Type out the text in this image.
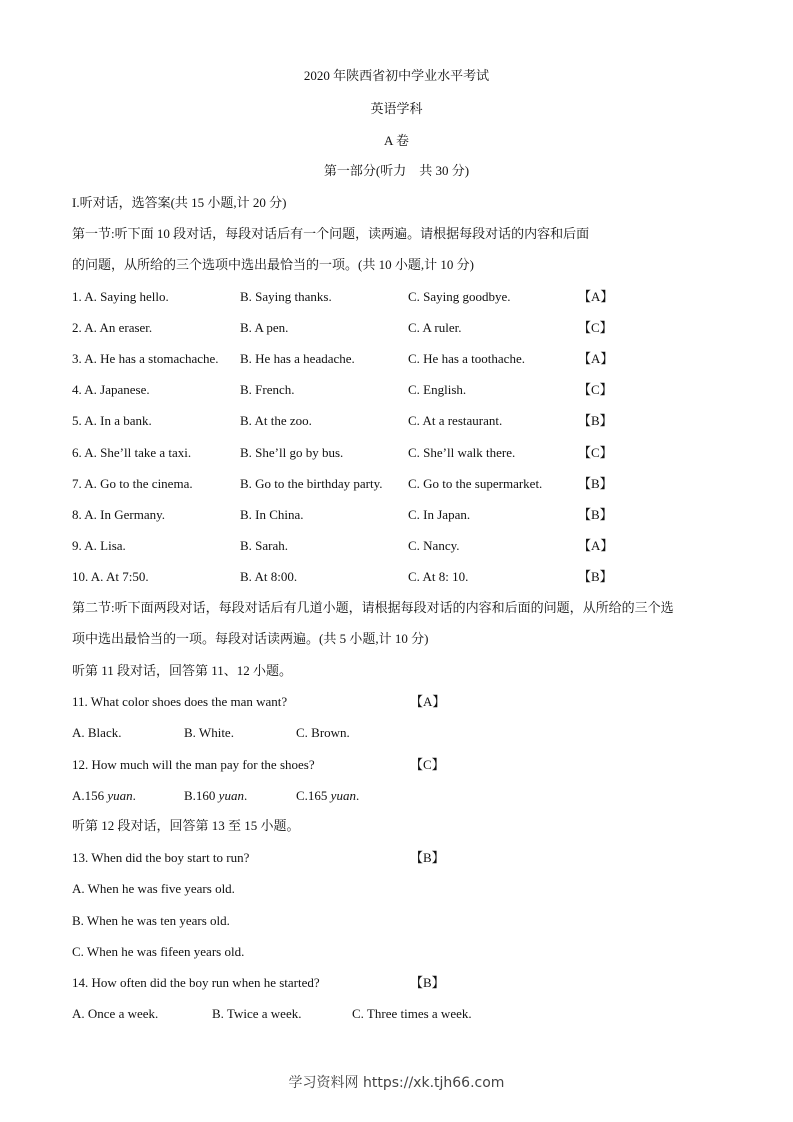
2020 年陕西省初中学业水平考试
英语学科
A 卷
第一部分(听力　共 30 分)
I.听对话，选答案(共 15 小题,计 20 分)
第一节:听下面 10 段对话，每段对话后有一个问题，读两遍。请根据每段对话的内容和后面
的问题，从所给的三个选项中选出最恰当的一项。(共 10 小题,计 10 分)
1. A. Saying hello.	B. Saying thanks.	C. Saying goodbye.	【A】
2. A. An eraser.	B. A pen.	C. A ruler.	【C】
3. A. He has a stomachache. B. He has a headache.	C. He has a toothache.	【A】
4. A. Japanese.	B. French.	C. English.	【C】
5. A. In a bank.	B. At the zoo.	C. At a restaurant.	【B】
6. A. She’ll take a taxi.	B. She’ll go by bus.	C. She’ll walk there.	【C】
7. A. Go to the cinema.	B. Go to the birthday party. C. Go to the supermarket.	【B】
8. A. In Germany.	B. In China.	C. In Japan.	【B】
9. A. Lisa.	B. Sarah.	C. Nancy.	【A】
10. A. At 7:50.	B. At 8:00.	C. At 8: 10.	【B】
第二节:听下面两段对话，每段对话后有几道小题，请根据每段对话的内容和后面的问题，从所给的三个选
项中选出最恰当的一项。每段对话读两遍。(共 5 小题,计 10 分)
听第 11 段对话，回答第 11、12 小题。
11. What color shoes does the man want?	【A】
A. Black.	B. White.	C. Brown.
12. How much will the man pay for the shoes?	【C】
A.156 yuan.	B.160 yuan.	C.165 yuan.
听第 12 段对话，回答第 13 至 15 小题。
13. When did the boy start to run?	【B】
A. When he was five years old.
B. When he was ten years old.
C. When he was fifeen years old.
14. How often did the boy run when he started?	【B】
A. Once a week.	B. Twice a week.	C. Three times a week.
学习资料网 https://xk.tjh66.com
